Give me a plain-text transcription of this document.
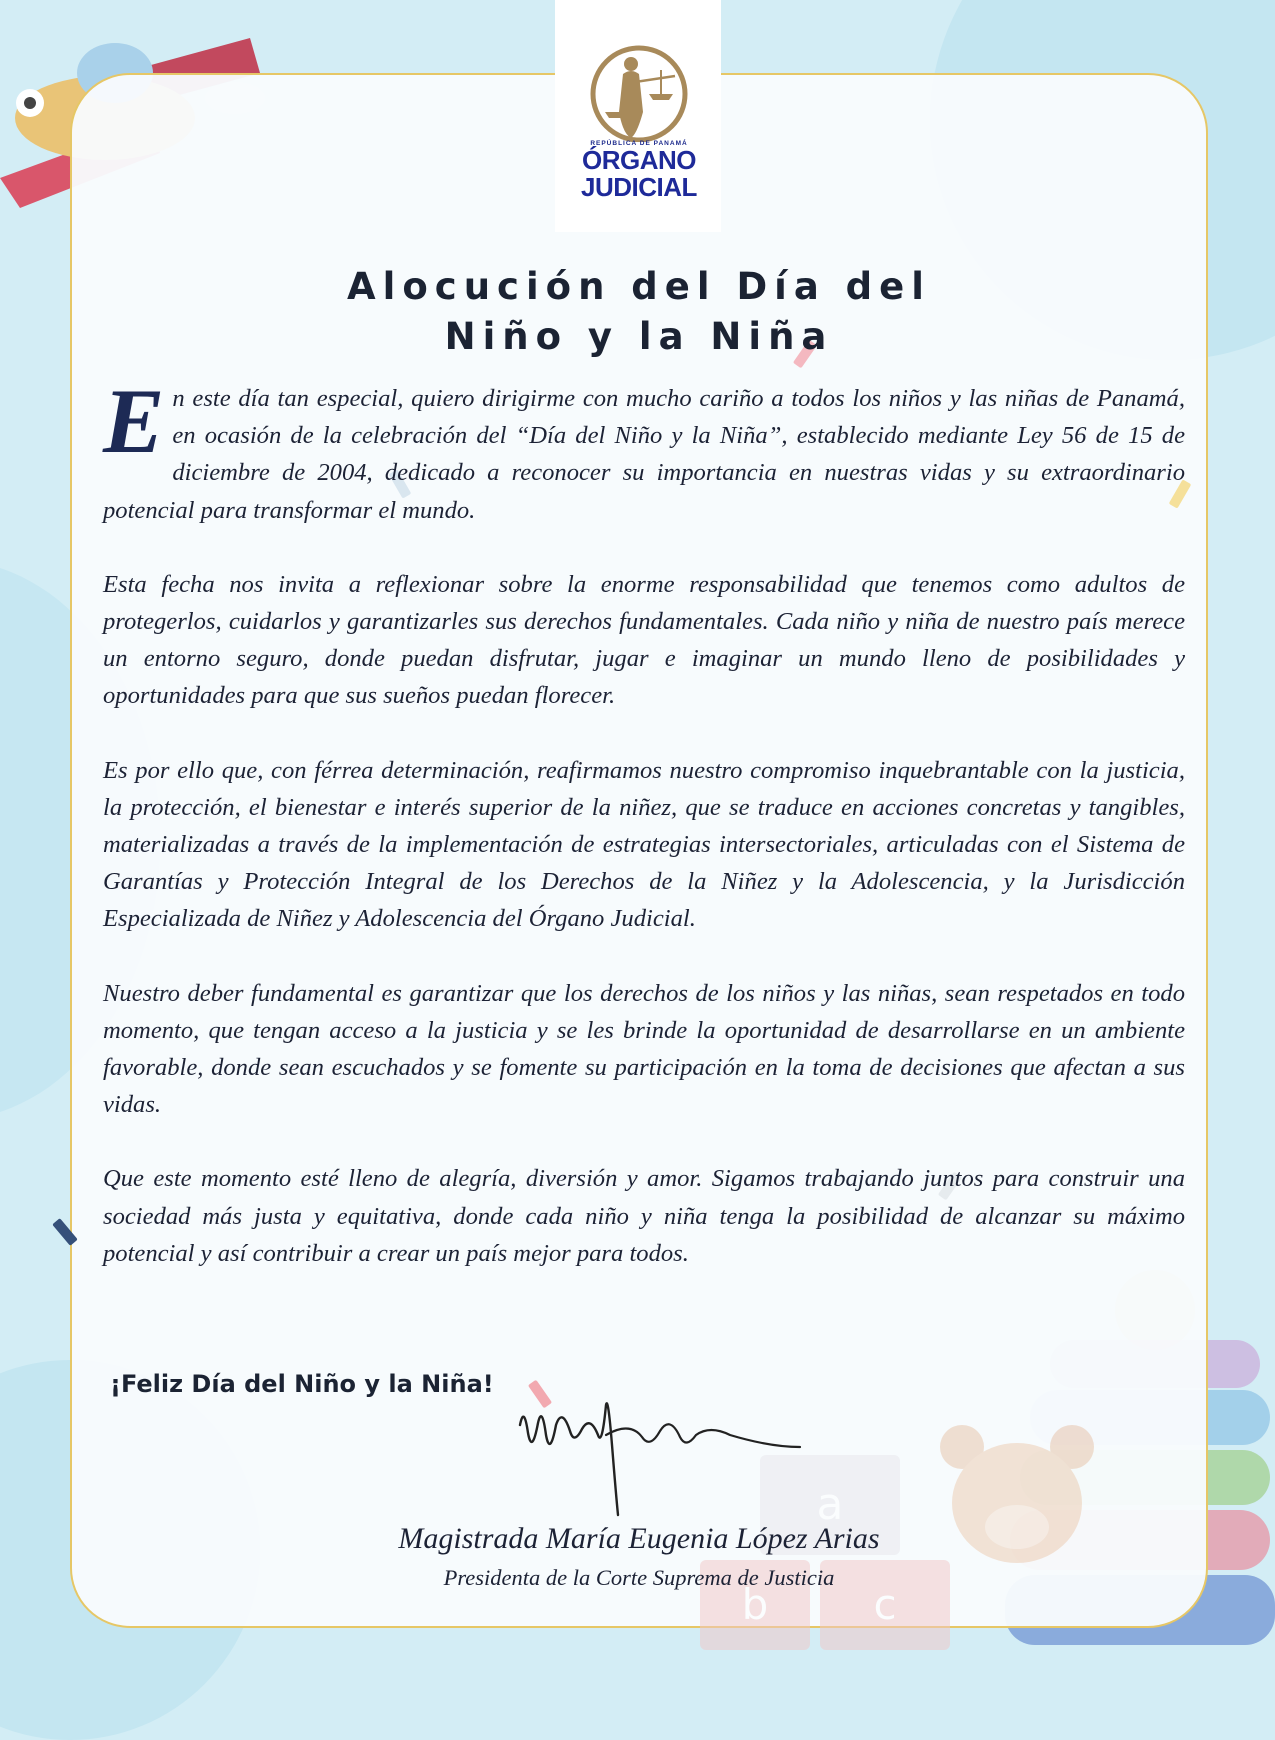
a
b	c
REPÚBLICA DE PANAMÁ
ÓRGANO
JUDICIAL
Alocución del Día del
Niño y la Niña

En este día tan especial, quiero dirigirme con mucho cariño a todos los niños y las niñas de Panamá, en ocasión de la celebración del “Día del Niño y la Niña”, establecido mediante Ley 56 de 15 de diciembre de 2004, dedicado a reconocer su importancia en nuestras vidas y su extraordinario potencial para transformar el mundo.

Esta fecha nos invita a reflexionar sobre la enorme responsabilidad que tenemos como adultos de protegerlos, cuidarlos y garantizarles sus derechos fundamentales. Cada niño y niña de nuestro país merece un entorno seguro, donde puedan disfrutar, jugar e imaginar un mundo lleno de posibilidades y oportunidades para que sus sueños puedan florecer.

Es por ello que, con férrea determinación, reafirmamos nuestro compromiso inquebrantable con la justicia, la protección, el bienestar e interés superior de la niñez, que se traduce en acciones concretas y tangibles, materializadas a través de la implementación de estrategias intersectoriales, articuladas con el Sistema de Garantías y Protección Integral de los Derechos de la Niñez y la Adolescencia, y la Jurisdicción Especializada de Niñez y Adolescencia del Órgano Judicial.

Nuestro deber fundamental es garantizar que los derechos de los niños y las niñas, sean respetados en todo momento, que tengan acceso a la justicia y se les brinde la oportunidad de desarrollarse en un ambiente favorable, donde sean escuchados y se fomente su participación en la toma de decisiones que afectan a sus vidas.

Que este momento esté lleno de alegría, diversión y amor. Sigamos trabajando juntos para construir una sociedad más justa y equitativa, donde cada niño y niña tenga la posibilidad de alcanzar su máximo potencial y así contribuir a crear un país mejor para todos.

¡Feliz Día del Niño y la Niña!

Magistrada María Eugenia López Arias
Presidenta de la Corte Suprema de Justicia
